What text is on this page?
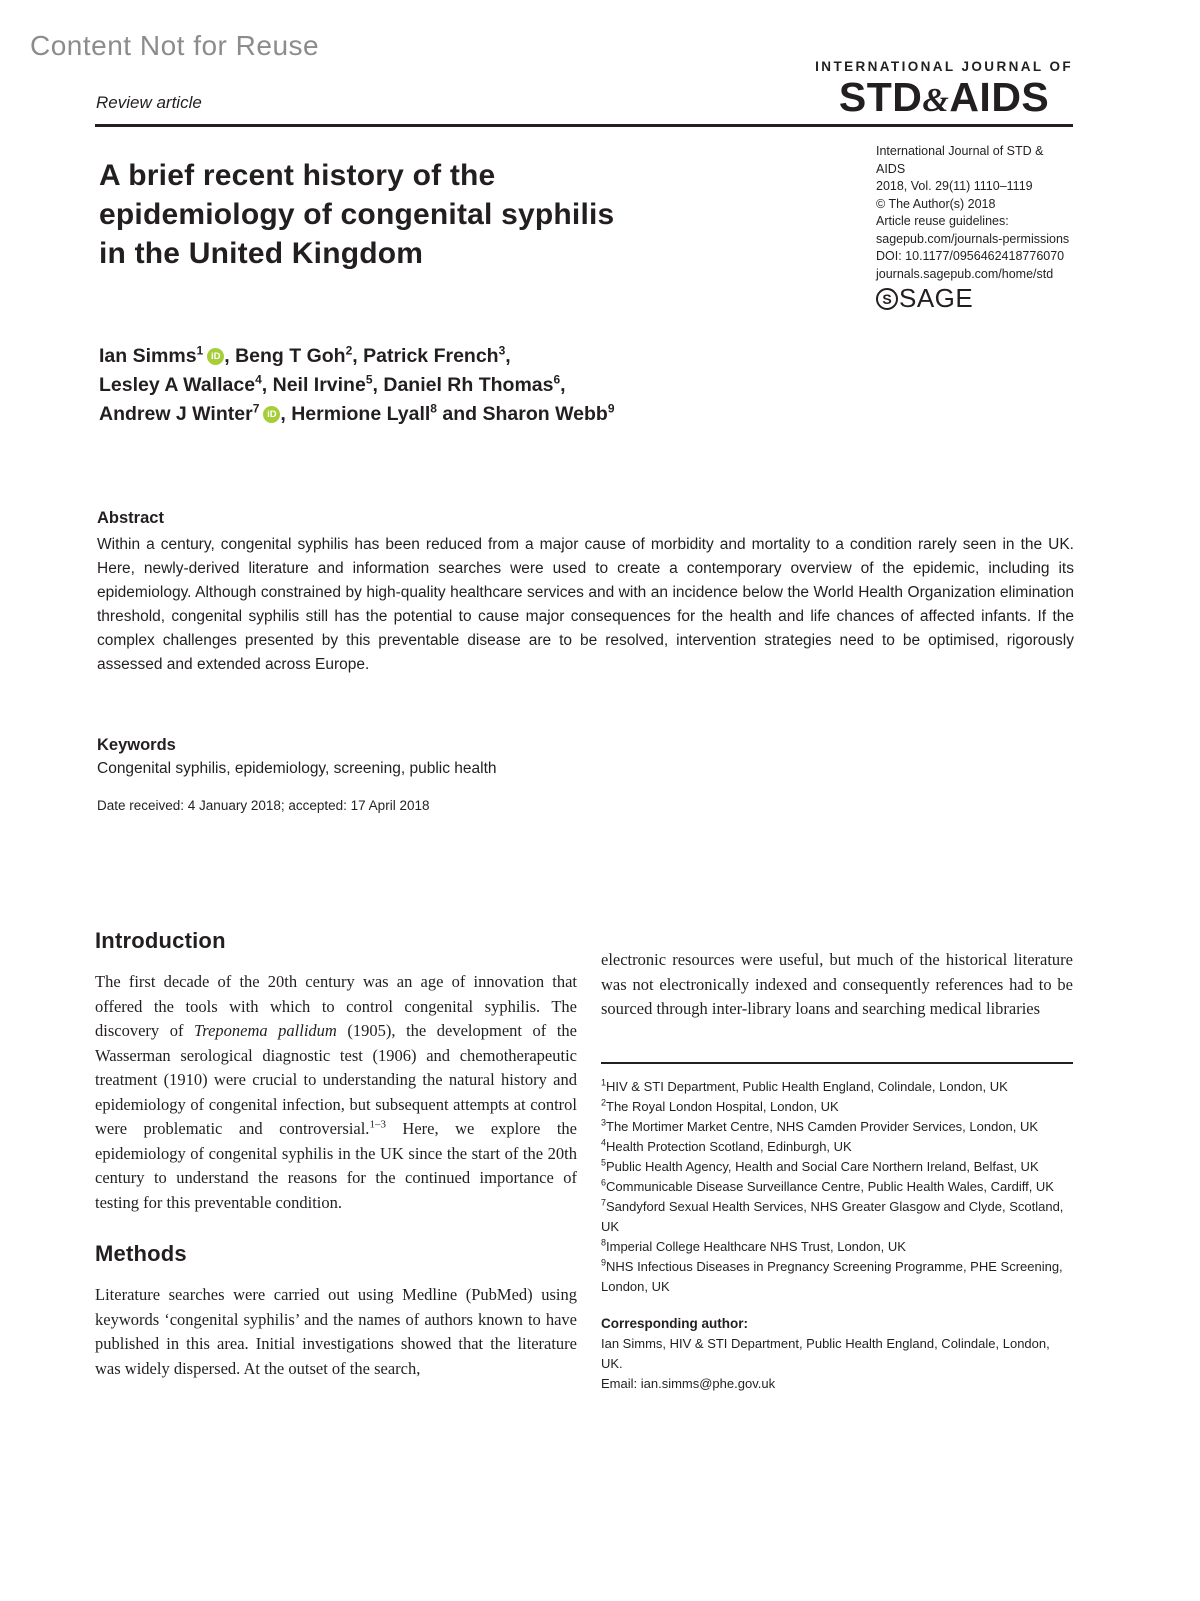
Content Not for Reuse
Review article
INTERNATIONAL JOURNAL OF
STD&AIDS
A brief recent history of the
epidemiology of congenital syphilis
in the United Kingdom
International Journal of STD &
AIDS
2018, Vol. 29(11) 1110–1119
© The Author(s) 2018
Article reuse guidelines:
sagepub.com/journals-permissions
DOI: 10.1177/0956462418776070
journals.sagepub.com/home/std
S SAGE
Ian Simms$^1$ iD , Beng T Goh$^2$, Patrick French$^3$,
Lesley A Wallace$^4$, Neil Irvine$^5$, Daniel Rh Thomas$^6$,
Andrew J Winter$^7$ iD , Hermione Lyall$^8$ and Sharon Webb$^9$
Abstract

Within a century, congenital syphilis has been reduced from a major cause of morbidity and mortality to a condition rarely seen in the UK. Here, newly-derived literature and information searches were used to create a contemporary overview of the epidemic, including its epidemiology. Although constrained by high-quality healthcare services and with an incidence below the World Health Organization elimination threshold, congenital syphilis still has the potential to cause major consequences for the health and life chances of affected infants. If the complex challenges presented by this preventable disease are to be resolved, intervention strategies need to be optimised, rigorously assessed and extended across Europe.

Keywords

Congenital syphilis, epidemiology, screening, public health

Date received: 4 January 2018; accepted: 17 April 2018
Introduction

The first decade of the 20th century was an age of innovation that offered the tools with which to control congenital syphilis. The discovery of Treponema pallidum (1905), the development of the Wasserman serological diagnostic test (1906) and chemotherapeutic treatment (1910) were crucial to understanding the natural history and epidemiology of congenital infection, but subsequent attempts at control were problematic and controversial.$^{1-3}$ Here, we explore the epidemiology of congenital syphilis in the UK since the start of the 20th century to understand the reasons for the continued importance of testing for this preventable condition.

Methods

Literature searches were carried out using Medline (PubMed) using keywords ‘congenital syphilis’ and the names of authors known to have published in this area. Initial investigations showed that the literature was widely dispersed. At the outset of the search,

electronic resources were useful, but much of the historical literature was not electronically indexed and consequently references had to be sourced through inter-library loans and searching medical libraries

$^1$HIV & STI Department, Public Health England, Colindale, London, UK
$^2$The Royal London Hospital, London, UK
$^3$The Mortimer Market Centre, NHS Camden Provider Services, London, UK
$^4$Health Protection Scotland, Edinburgh, UK
$^5$Public Health Agency, Health and Social Care Northern Ireland, Belfast, UK
$^6$Communicable Disease Surveillance Centre, Public Health Wales, Cardiff, UK
$^7$Sandyford Sexual Health Services, NHS Greater Glasgow and Clyde, Scotland, UK
$^8$Imperial College Healthcare NHS Trust, London, UK
$^9$NHS Infectious Diseases in Pregnancy Screening Programme, PHE Screening, London, UK
Corresponding author:
Ian Simms, HIV & STI Department, Public Health England, Colindale, London, UK.
Email: ian.simms@phe.gov.uk
